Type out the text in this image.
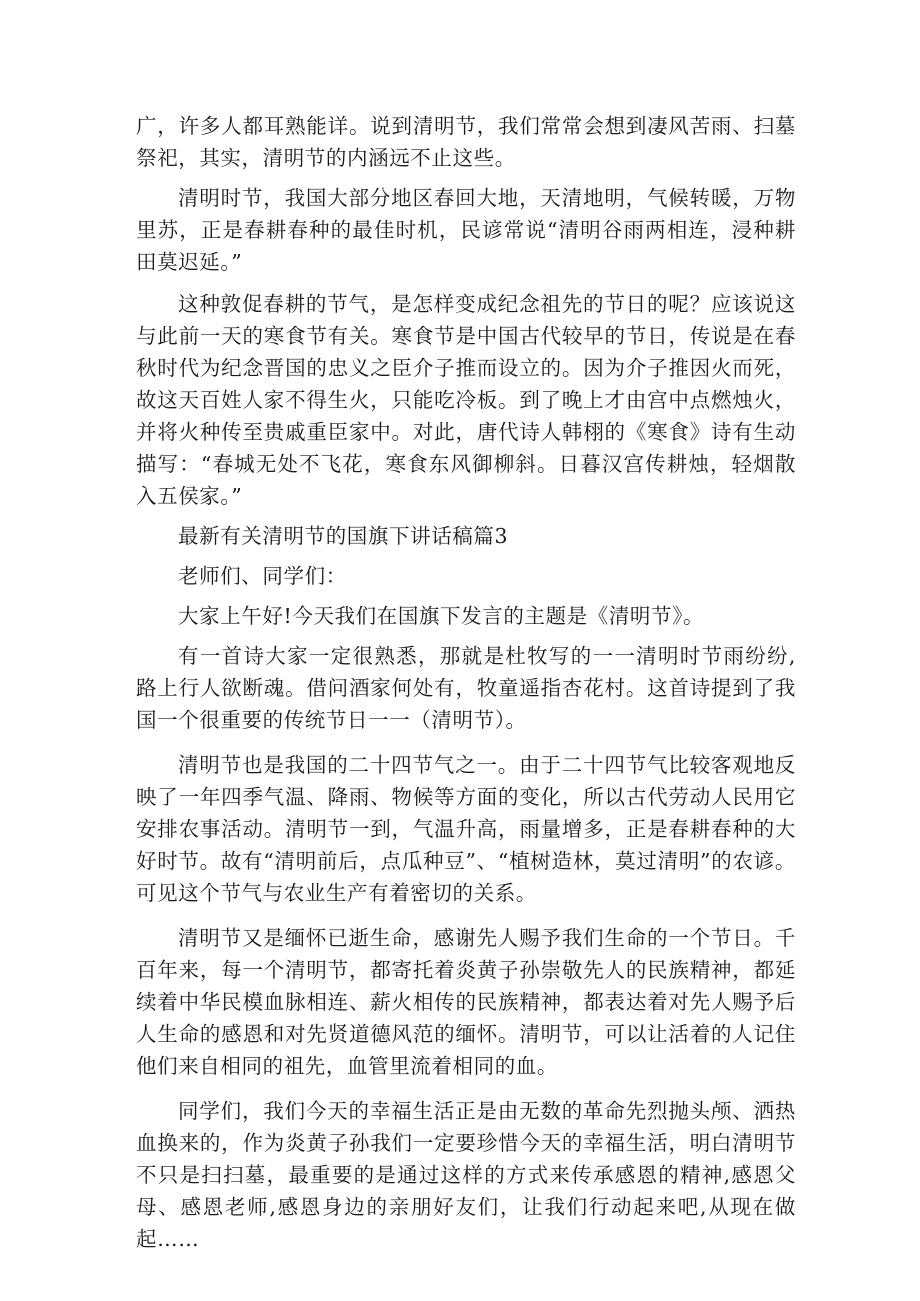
广，许多人都耳熟能详。说到清明节，我们常常会想到凄风苦雨、扫墓祭祀，其实，清明节的内涵远不止这些。

清明时节，我国大部分地区春回大地，天清地明，气候转暖，万物里苏，正是春耕春种的最佳时机，民谚常说“清明谷雨两相连，浸种耕田莫迟延。”

这种敦促春耕的节气，是怎样变成纪念祖先的节日的呢？应该说这与此前一天的寒食节有关。寒食节是中国古代较早的节日，传说是在春秋时代为纪念晋国的忠义之臣介子推而设立的。因为介子推因火而死，故这天百姓人家不得生火，只能吃冷板。到了晚上才由宫中点燃烛火，并将火种传至贵戚重臣家中。对此，唐代诗人韩栩的《寒食》诗有生动描写：“春城无处不飞花，寒食东风御柳斜。日暮汉宫传耕烛，轻烟散入五侯家。”

最新有关清明节的国旗下讲话稿篇3

老师们、同学们：

大家上午好!今天我们在国旗下发言的主题是《清明节》。

有一首诗大家一定很熟悉，那就是杜牧写的一一清明时节雨纷纷,路上行人欲断魂。借问酒家何处有，牧童遥指杏花村。这首诗提到了我国一个很重要的传统节日一一（清明节）。

清明节也是我国的二十四节气之一。由于二十四节气比较客观地反映了一年四季气温、降雨、物候等方面的变化，所以古代劳动人民用它安排农事活动。清明节一到，气温升高，雨量增多，正是春耕春种的大好时节。故有“清明前后，点瓜种豆”、“植树造林，莫过清明”的农谚。可见这个节气与农业生产有着密切的关系。

清明节又是缅怀已逝生命，感谢先人赐予我们生命的一个节日。千百年来，每一个清明节，都寄托着炎黄子孙崇敬先人的民族精神，都延续着中华民模血脉相连、薪火相传的民族精神，都表达着对先人赐予后人生命的感恩和对先贤道德风范的缅怀。清明节，可以让活着的人记住他们来自相同的祖先，血管里流着相同的血。

同学们，我们今天的幸福生活正是由无数的革命先烈抛头颅、洒热血换来的，作为炎黄子孙我们一定要珍惜今天的幸福生活，明白清明节不只是扫扫墓，最重要的是通过这样的方式来传承感恩的精神,感恩父母、感恩老师,感恩身边的亲朋好友们，让我们行动起来吧,从现在做起……
